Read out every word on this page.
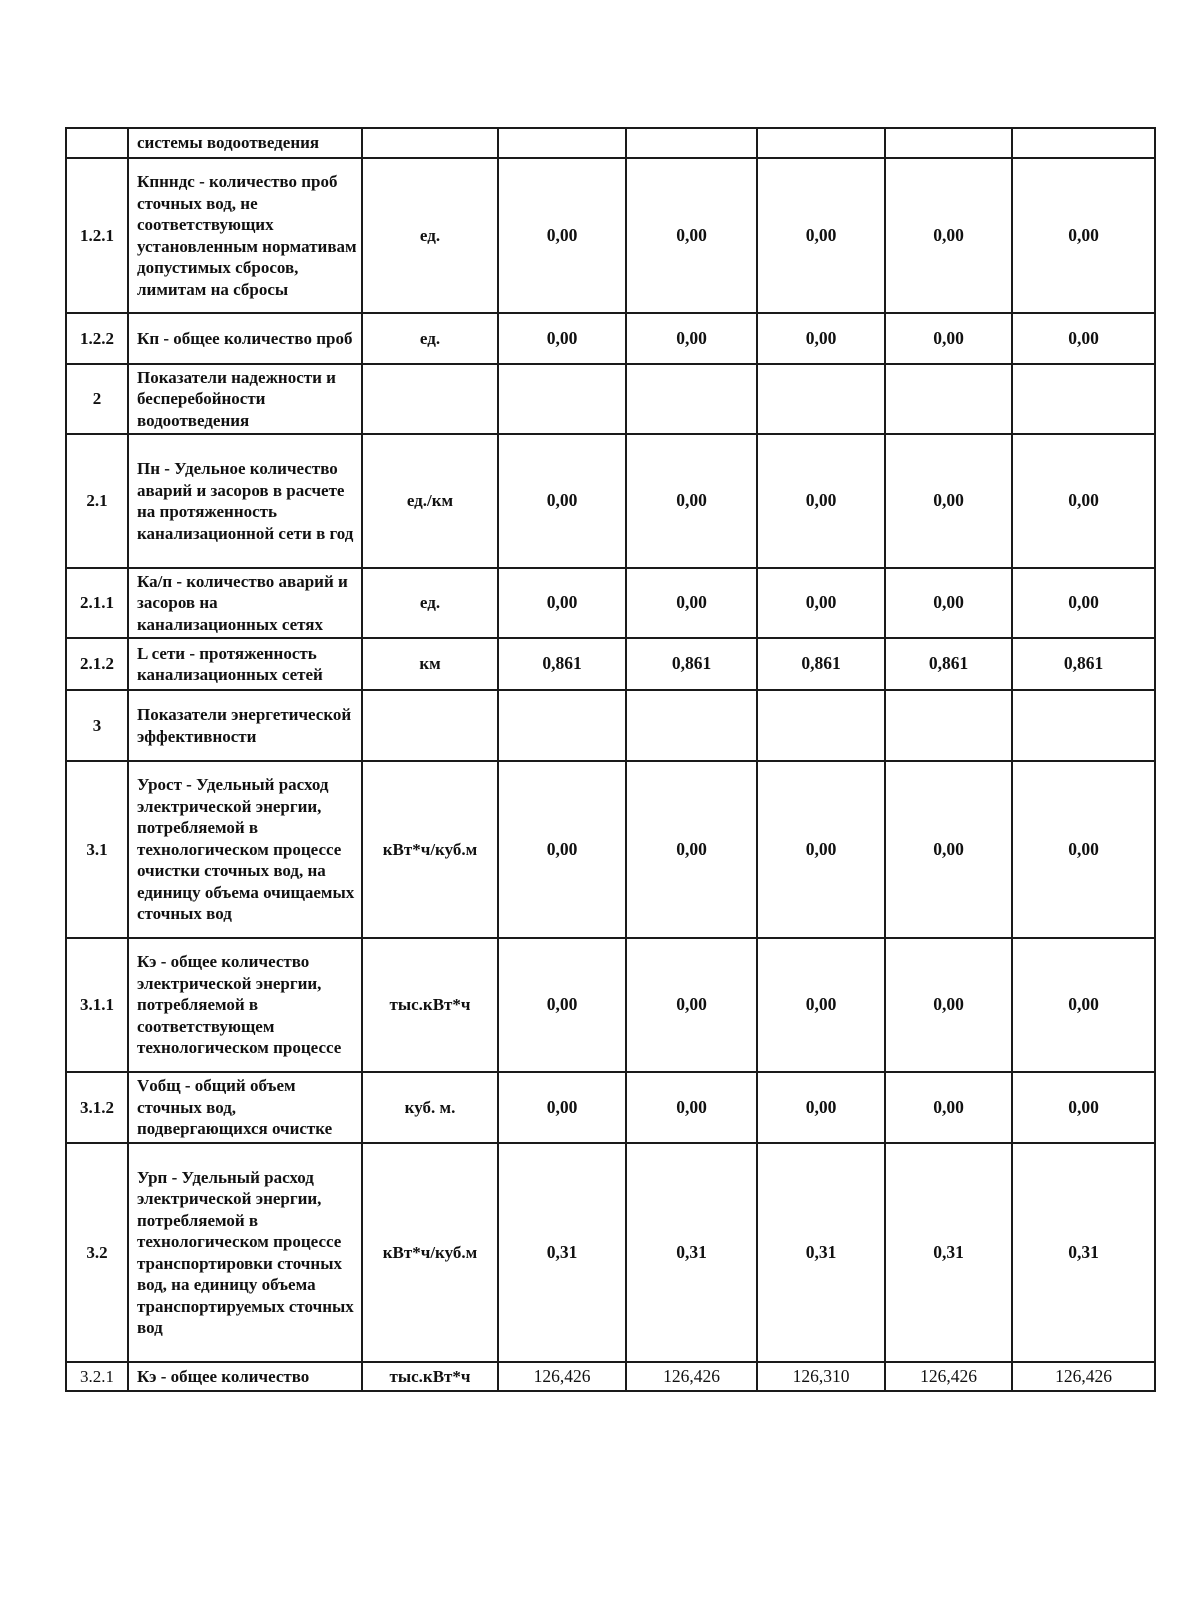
	системы водоотведения						
1.2.1	Кпнндс - количество проб сточных вод, не соответствующих установленным нормативам допустимых сбросов, лимитам на сбросы	ед.	0,00	0,00	0,00	0,00	0,00
1.2.2	Кп - общее количество проб	ед.	0,00	0,00	0,00	0,00	0,00
2	Показатели надежности и бесперебойности водоотведения						
2.1	Пн - Удельное количество аварий и засоров в расчете на протяженность канализационной сети в год	ед./км	0,00	0,00	0,00	0,00	0,00
2.1.1	Ка/п - количество аварий и засоров на канализационных сетях	ед.	0,00	0,00	0,00	0,00	0,00
2.1.2	L сети - протяженность канализационных сетей	км	0,861	0,861	0,861	0,861	0,861
3	Показатели энергетической эффективности						
3.1	Урост - Удельный расход электрической энергии, потребляемой в технологическом процессе очистки сточных вод, на единицу объема очищаемых сточных вод	кВт*ч/куб.м	0,00	0,00	0,00	0,00	0,00
3.1.1	Кэ - общее количество электрической энергии, потребляемой в соответствующем технологическом процессе	тыс.кВт*ч	0,00	0,00	0,00	0,00	0,00
3.1.2	Vобщ - общий объем сточных вод, подвергающихся очистке	куб. м.	0,00	0,00	0,00	0,00	0,00
3.2	Урп - Удельный расход электрической энергии, потребляемой в технологическом процессе транспортировки сточных вод, на единицу объема транспортируемых сточных вод	кВт*ч/куб.м	0,31	0,31	0,31	0,31	0,31
3.2.1	Кэ - общее количество	тыс.кВт*ч	126,426	126,426	126,310	126,426	126,426
